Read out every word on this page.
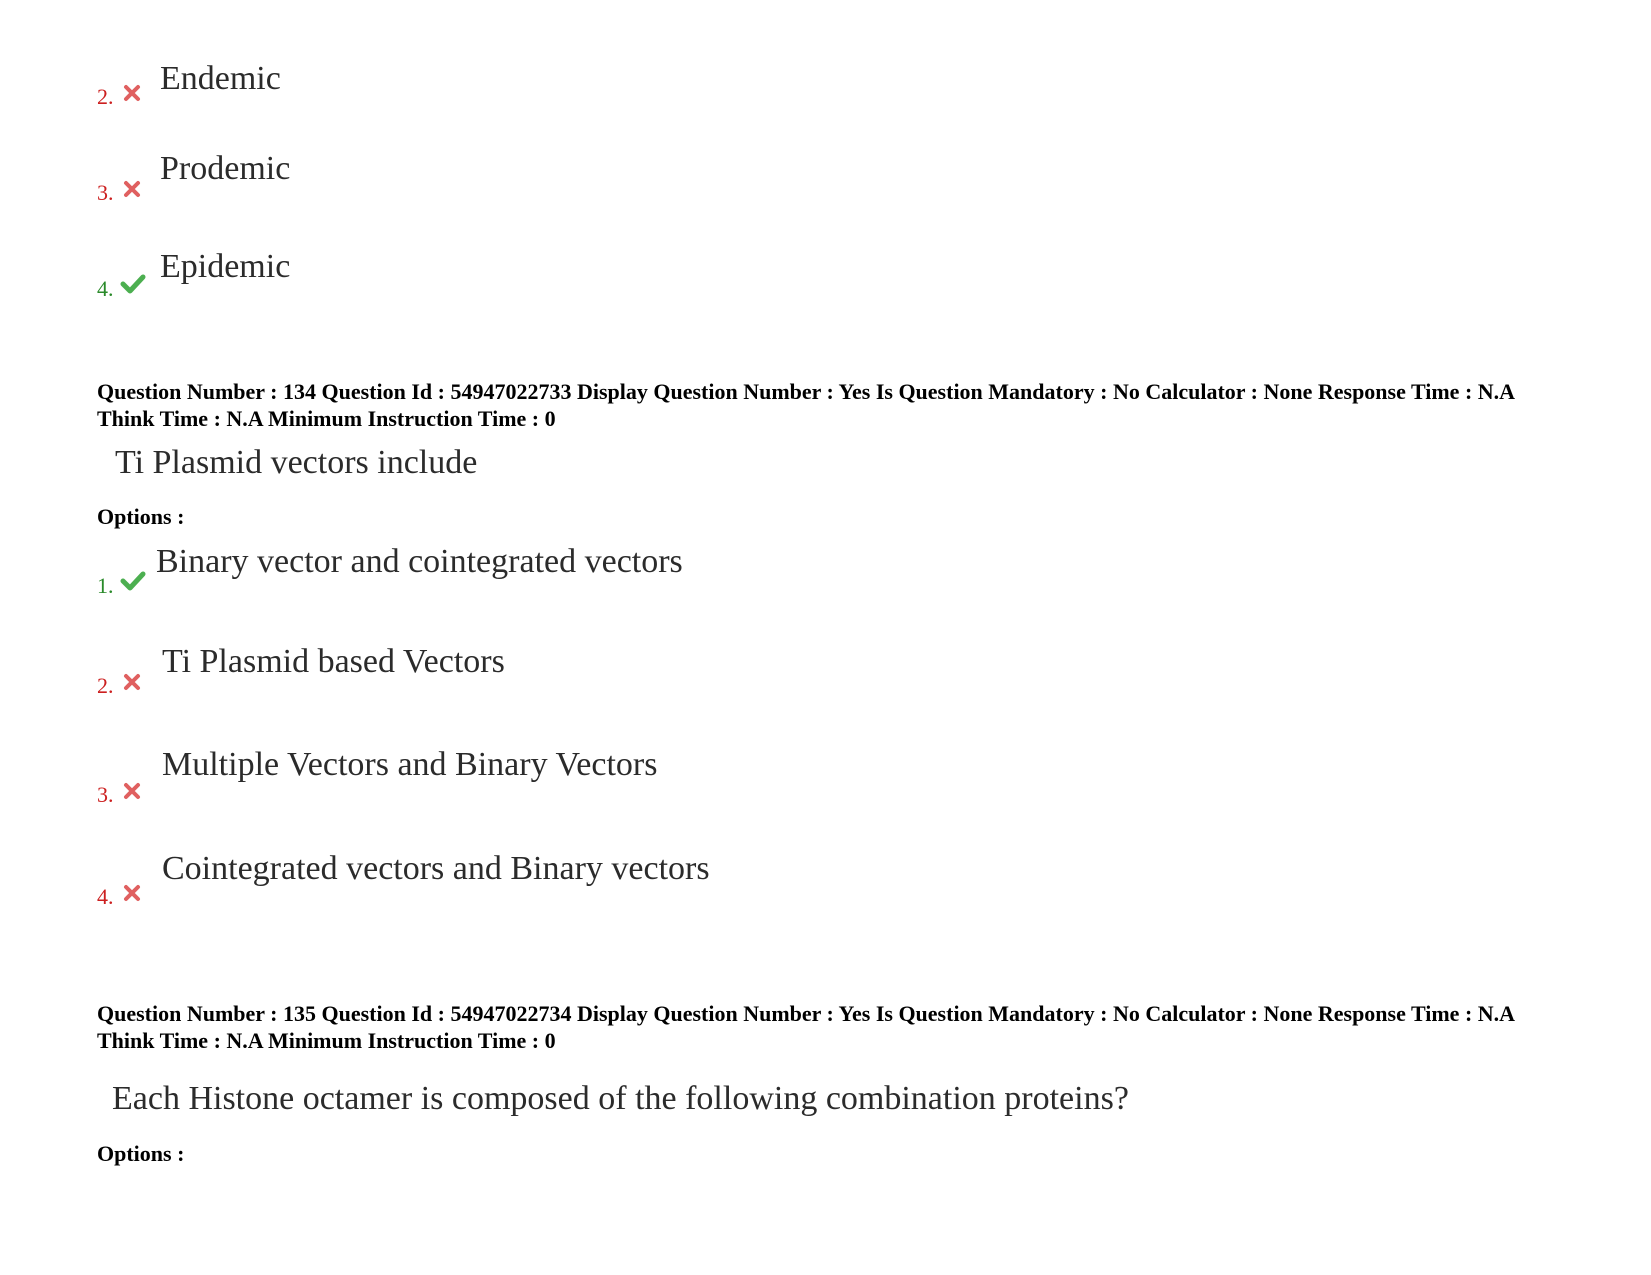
2. Endemic
3.
Prodemic
4.
Epidemic
Question Number : 134 Question Id : 54947022733 Display Question Number : Yes Is Question Mandatory : No Calculator : None Response Time : N.A Think Time : N.A Minimum Instruction Time : 0
Ti Plasmid vectors include
Options :
1.
Binary vector and cointegrated vectors
2.
Ti Plasmid based Vectors
3.
Multiple Vectors and Binary Vectors
4.
Cointegrated vectors and Binary vectors
Question Number : 135 Question Id : 54947022734 Display Question Number : Yes Is Question Mandatory : No Calculator : None Response Time : N.A Think Time : N.A Minimum Instruction Time : 0
Each Histone octamer is composed of the following combination proteins?
Options :
